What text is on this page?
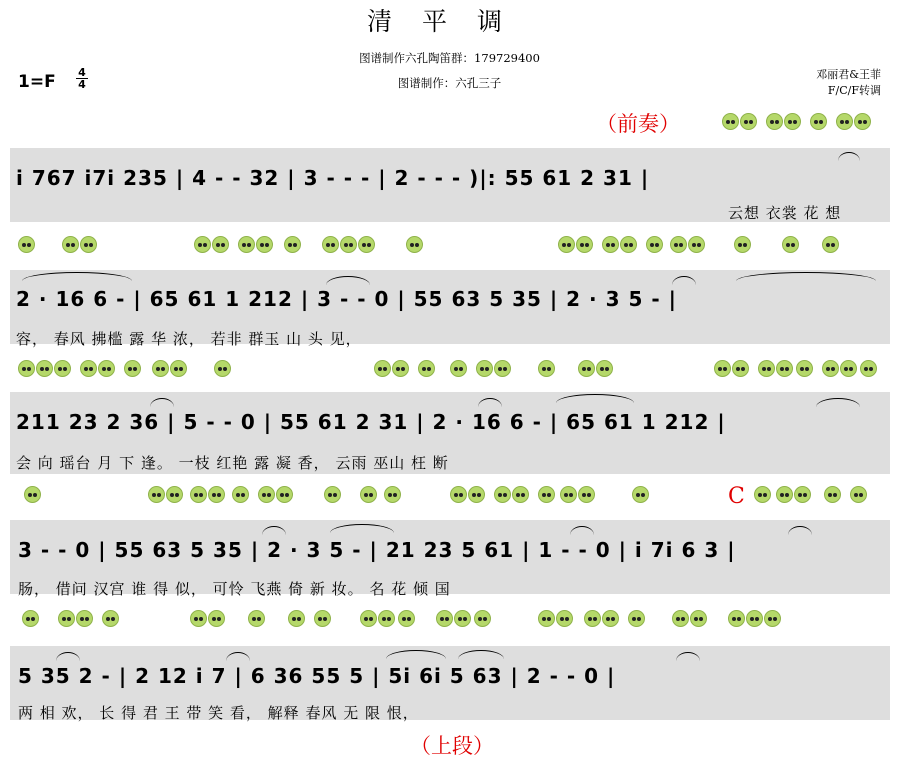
清平调
图谱制作六孔陶笛群：179729400
图谱制作：六孔三子
1=F 4
4
邓丽君&王菲
F/C/F转调
（前奏）
i 767 i7i 235 | 4 - - 32 | 3 - - - | 2 - - - )|: 55 61 2 31 |
云想 衣裳 花 想
2 · 16 6 - | 65 61 1 212 | 3 - - 0 | 55 63 5 35 | 2 · 3 5 - |
容， 春风 拂槛 露 华 浓， 若非 群玉 山 头 见，
211 23 2 36 | 5 - - 0 | 55 61 2 31 | 2 · 16 6 - | 65 61 1 212 |
会 向 瑶台 月 下 逢。 一枝 红艳 露 凝 香， 云雨 巫山 枉 断
C
3 - - 0 | 55 63 5 35 | 2 · 3 5 - | 21 23 5 61 | 1 - - 0 | i 7i 6 3 |
肠， 借问 汉宫 谁 得 似， 可怜 飞燕 倚 新 妆。 名 花 倾 国
5 35 2 - | 2 12 i 7 | 6 36 55 5 | 5i 6i 5 63 | 2 - - 0 |
两 相 欢， 长 得 君 王 带 笑 看， 解释 春风 无 限 恨，
（上段）
